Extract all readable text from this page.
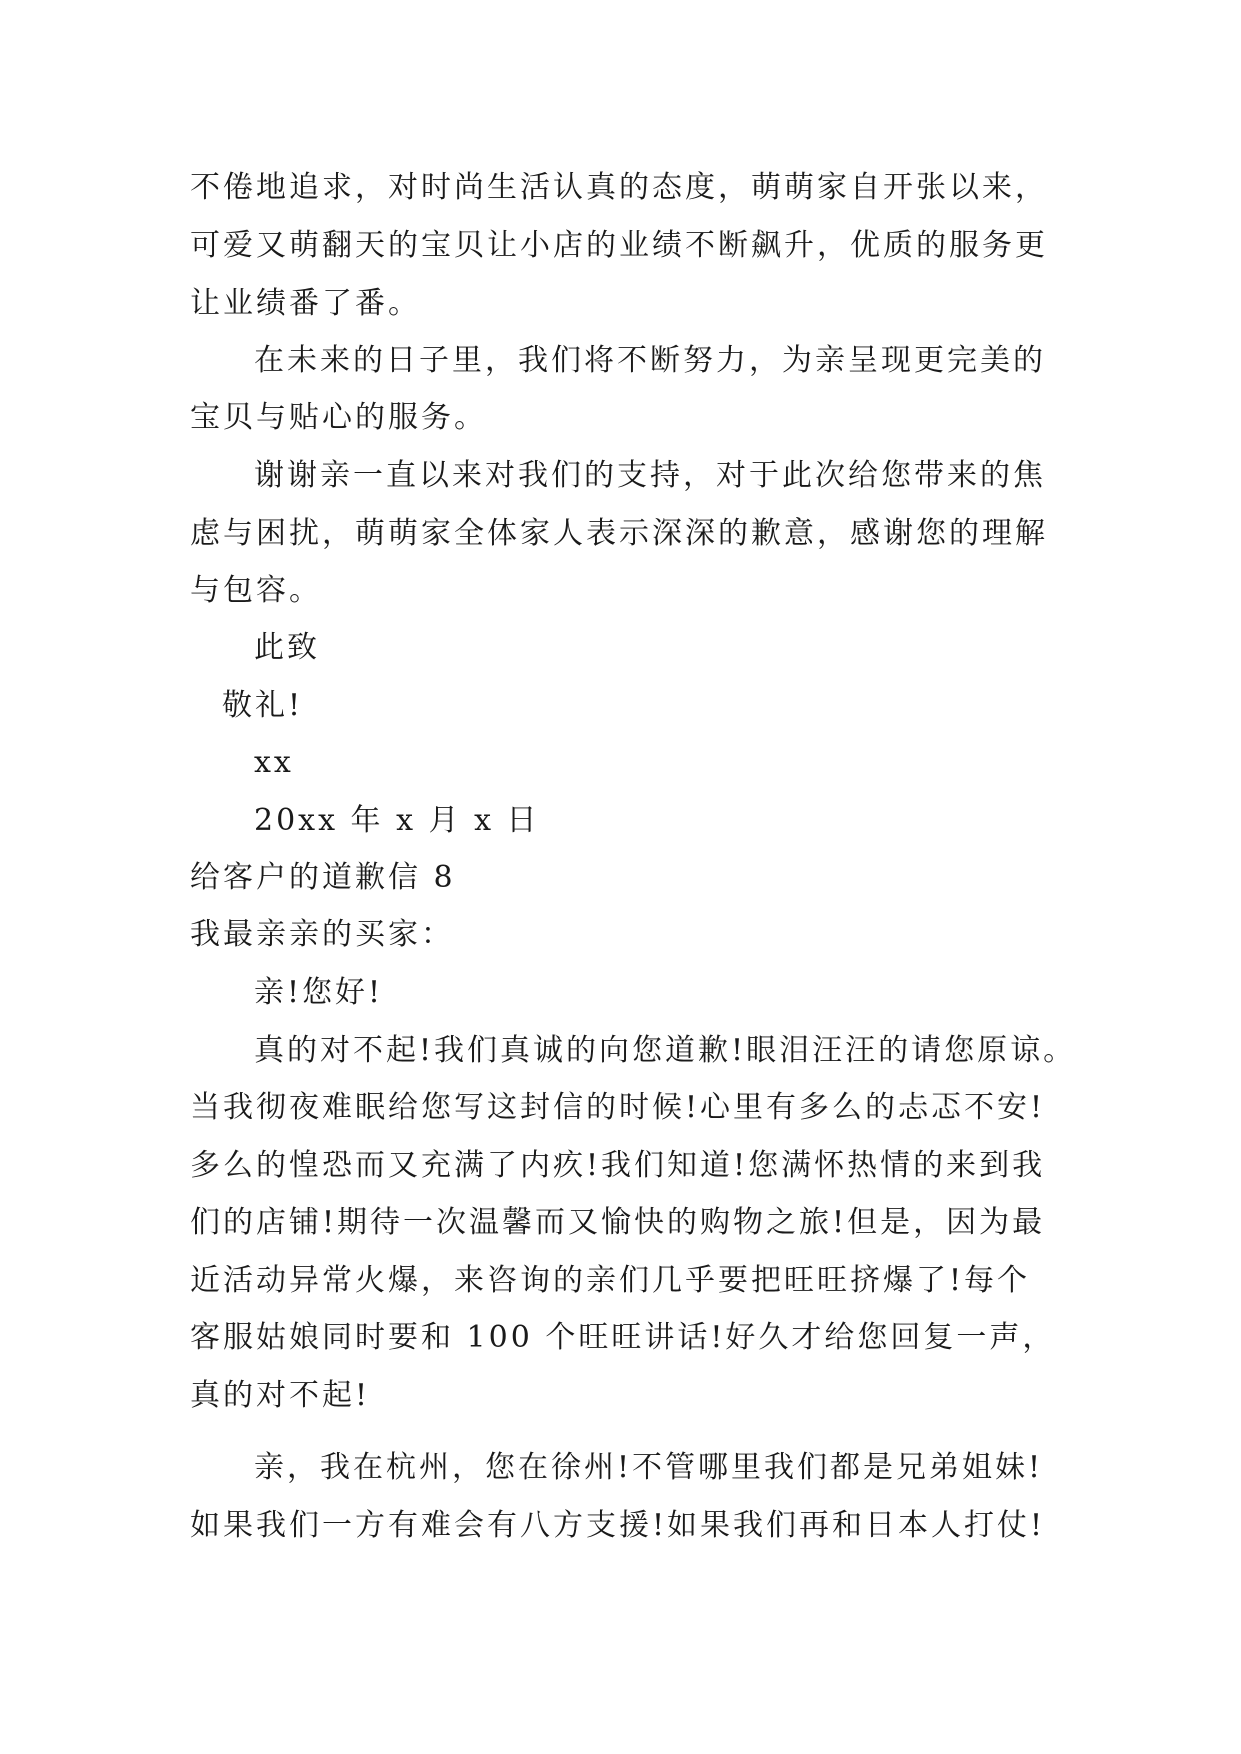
不倦地追求，对时尚生活认真的态度，萌萌家自开张以来，
可爱又萌翻天的宝贝让小店的业绩不断飙升，优质的服务更
让业绩番了番。
在未来的日子里，我们将不断努力，为亲呈现更完美的
宝贝与贴心的服务。
谢谢亲一直以来对我们的支持，对于此次给您带来的焦
虑与困扰，萌萌家全体家人表示深深的歉意，感谢您的理解
与包容。
此致
敬礼!
xx
20xx 年 x 月 x 日
给客户的道歉信 8
我最亲亲的买家：
亲!您好!
真的对不起!我们真诚的向您道歉!眼泪汪汪的请您原谅。
当我彻夜难眠给您写这封信的时候!心里有多么的忐忑不安!
多么的惶恐而又充满了内疚!我们知道!您满怀热情的来到我
们的店铺!期待一次温馨而又愉快的购物之旅!但是，因为最
近活动异常火爆，来咨询的亲们几乎要把旺旺挤爆了!每个
客服姑娘同时要和 100 个旺旺讲话!好久才给您回复一声，
真的对不起!
亲，我在杭州，您在徐州!不管哪里我们都是兄弟姐妹!
如果我们一方有难会有八方支援!如果我们再和日本人打仗!
